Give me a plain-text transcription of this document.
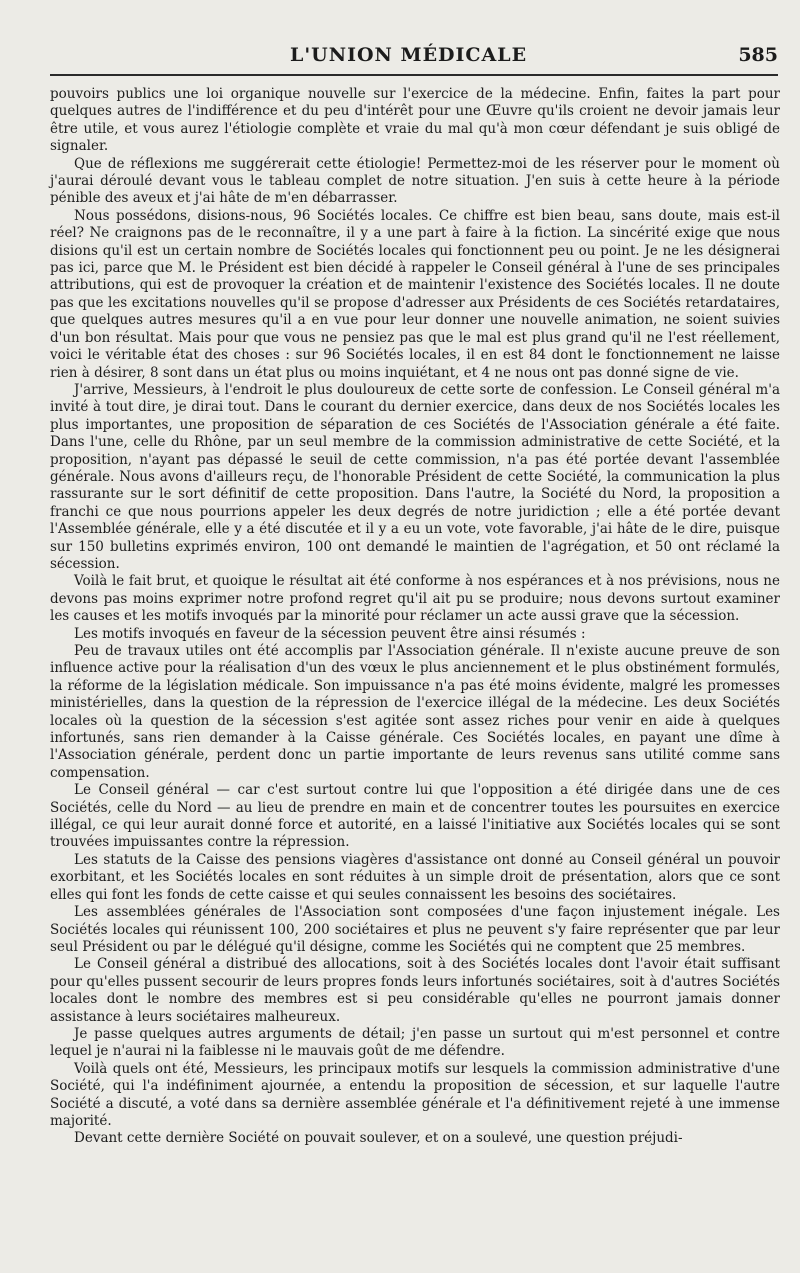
L'UNION MÉDICALE	585

pouvoirs publics une loi organique nouvelle sur l'exercice de la médecine. Enfin, faites la part pour quelques autres de l'indifférence et du peu d'intérêt pour une Œuvre qu'ils croient ne devoir jamais leur être utile, et vous aurez l'étiologie complète et vraie du mal qu'à mon cœur défendant je suis obligé de signaler.

Que de réflexions me suggérerait cette étiologie! Permettez-moi de les réserver pour le moment où j'aurai déroulé devant vous le tableau complet de notre situation. J'en suis à cette heure à la période pénible des aveux et j'ai hâte de m'en débarrasser.

Nous possédons, disions-nous, 96 Sociétés locales. Ce chiffre est bien beau, sans doute, mais est-il réel? Ne craignons pas de le reconnaître, il y a une part à faire à la fiction. La sincérité exige que nous disions qu'il est un certain nombre de Sociétés locales qui fonctionnent peu ou point. Je ne les désignerai pas ici, parce que M. le Président est bien décidé à rappeler le Conseil général à l'une de ses principales attributions, qui est de provoquer la création et de maintenir l'existence des Sociétés locales. Il ne doute pas que les excitations nouvelles qu'il se propose d'adresser aux Présidents de ces Sociétés retardataires, que quelques autres mesures qu'il a en vue pour leur donner une nouvelle animation, ne soient suivies d'un bon résultat. Mais pour que vous ne pensiez pas que le mal est plus grand qu'il ne l'est réellement, voici le véritable état des choses : sur 96 Sociétés locales, il en est 84 dont le fonctionnement ne laisse rien à désirer, 8 sont dans un état plus ou moins inquiétant, et 4 ne nous ont pas donné signe de vie.

J'arrive, Messieurs, à l'endroit le plus douloureux de cette sorte de confession. Le Conseil général m'a invité à tout dire, je dirai tout. Dans le courant du dernier exercice, dans deux de nos Sociétés locales les plus importantes, une proposition de séparation de ces Sociétés de l'Association générale a été faite. Dans l'une, celle du Rhône, par un seul membre de la commission administrative de cette Société, et la proposition, n'ayant pas dépassé le seuil de cette commission, n'a pas été portée devant l'assemblée générale. Nous avons d'ailleurs reçu, de l'honorable Président de cette Société, la communication la plus rassurante sur le sort définitif de cette proposition. Dans l'autre, la Société du Nord, la proposition a franchi ce que nous pourrions appeler les deux degrés de notre juridiction ; elle a été portée devant l'Assemblée générale, elle y a été discutée et il y a eu un vote, vote favorable, j'ai hâte de le dire, puisque sur 150 bulletins exprimés environ, 100 ont demandé le maintien de l'agrégation, et 50 ont réclamé la sécession.

Voilà le fait brut, et quoique le résultat ait été conforme à nos espérances et à nos prévisions, nous ne devons pas moins exprimer notre profond regret qu'il ait pu se produire; nous devons surtout examiner les causes et les motifs invoqués par la minorité pour réclamer un acte aussi grave que la sécession.

Les motifs invoqués en faveur de la sécession peuvent être ainsi résumés :

Peu de travaux utiles ont été accomplis par l'Association générale. Il n'existe aucune preuve de son influence active pour la réalisation d'un des vœux le plus anciennement et le plus obstinément formulés, la réforme de la législation médicale. Son impuissance n'a pas été moins évidente, malgré les promesses ministérielles, dans la question de la répression de l'exercice illégal de la médecine. Les deux Sociétés locales où la question de la sécession s'est agitée sont assez riches pour venir en aide à quelques infortunés, sans rien demander à la Caisse générale. Ces Sociétés locales, en payant une dîme à l'Association générale, perdent donc un partie importante de leurs revenus sans utilité comme sans compensation.

Le Conseil général — car c'est surtout contre lui que l'opposition a été dirigée dans une de ces Sociétés, celle du Nord — au lieu de prendre en main et de concentrer toutes les poursuites en exercice illégal, ce qui leur aurait donné force et autorité, en a laissé l'initiative aux Sociétés locales qui se sont trouvées impuissantes contre la répression.

Les statuts de la Caisse des pensions viagères d'assistance ont donné au Conseil général un pouvoir exorbitant, et les Sociétés locales en sont réduites à un simple droit de présentation, alors que ce sont elles qui font les fonds de cette caisse et qui seules connaissent les besoins des sociétaires.

Les assemblées générales de l'Association sont composées d'une façon injustement inégale. Les Sociétés locales qui réunissent 100, 200 sociétaires et plus ne peuvent s'y faire représenter que par leur seul Président ou par le délégué qu'il désigne, comme les Sociétés qui ne comptent que 25 membres.

Le Conseil général a distribué des allocations, soit à des Sociétés locales dont l'avoir était suffisant pour qu'elles pussent secourir de leurs propres fonds leurs infortunés sociétaires, soit à d'autres Sociétés locales dont le nombre des membres est si peu considérable qu'elles ne pourront jamais donner assistance à leurs sociétaires malheureux.

Je passe quelques autres arguments de détail; j'en passe un surtout qui m'est personnel et contre lequel je n'aurai ni la faiblesse ni le mauvais goût de me défendre.

Voilà quels ont été, Messieurs, les principaux motifs sur lesquels la commission administrative d'une Société, qui l'a indéfiniment ajournée, a entendu la proposition de sécession, et sur laquelle l'autre Société a discuté, a voté dans sa dernière assemblée générale et l'a définitivement rejeté à une immense majorité.

Devant cette dernière Société on pouvait soulever, et on a soulevé, une question préjudi-
